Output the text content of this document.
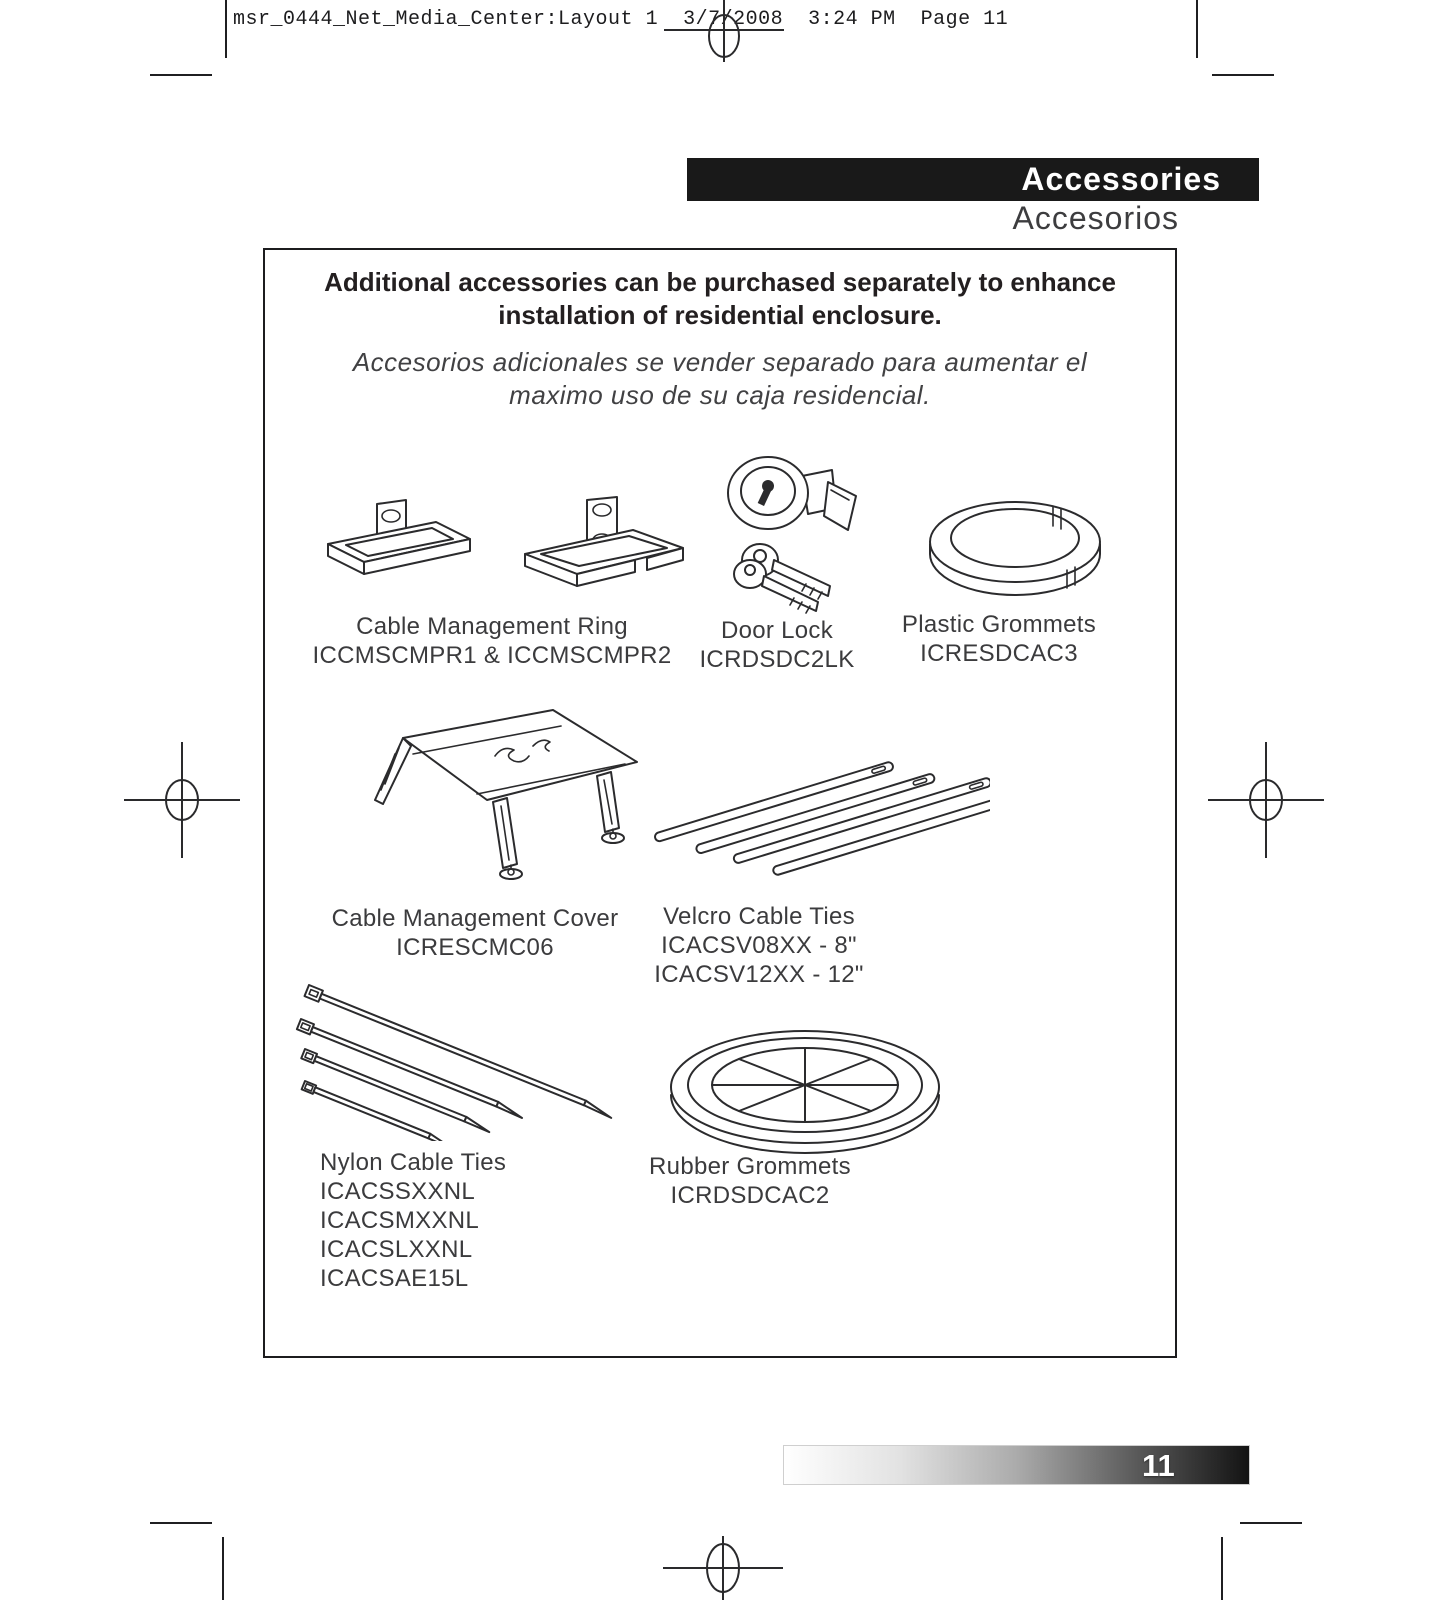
msr_0444_Net_Media_Center:Layout 1  3/7/2008  3:24 PM  Page 11
Accessories
Accesorios
Additional accessories can be purchased separately to enhance
installation of residential enclosure.
Accesorios adicionales se vender separado para aumentar el
maximo uso de su caja residencial.
Cable Management Ring
ICCMSCMPR1 & ICCMSCMPR2
Door Lock
ICRDSDC2LK
Plastic Grommets
ICRESDCAC3
Cable Management Cover
ICRESCMC06
Velcro Cable Ties
ICACSV08XX - 8"
ICACSV12XX - 12"
Nylon Cable Ties
ICACSSXXNL
ICACSMXXNL
ICACSLXXNL
ICACSAE15L
Rubber Grommets
ICRDSDCAC2
11
